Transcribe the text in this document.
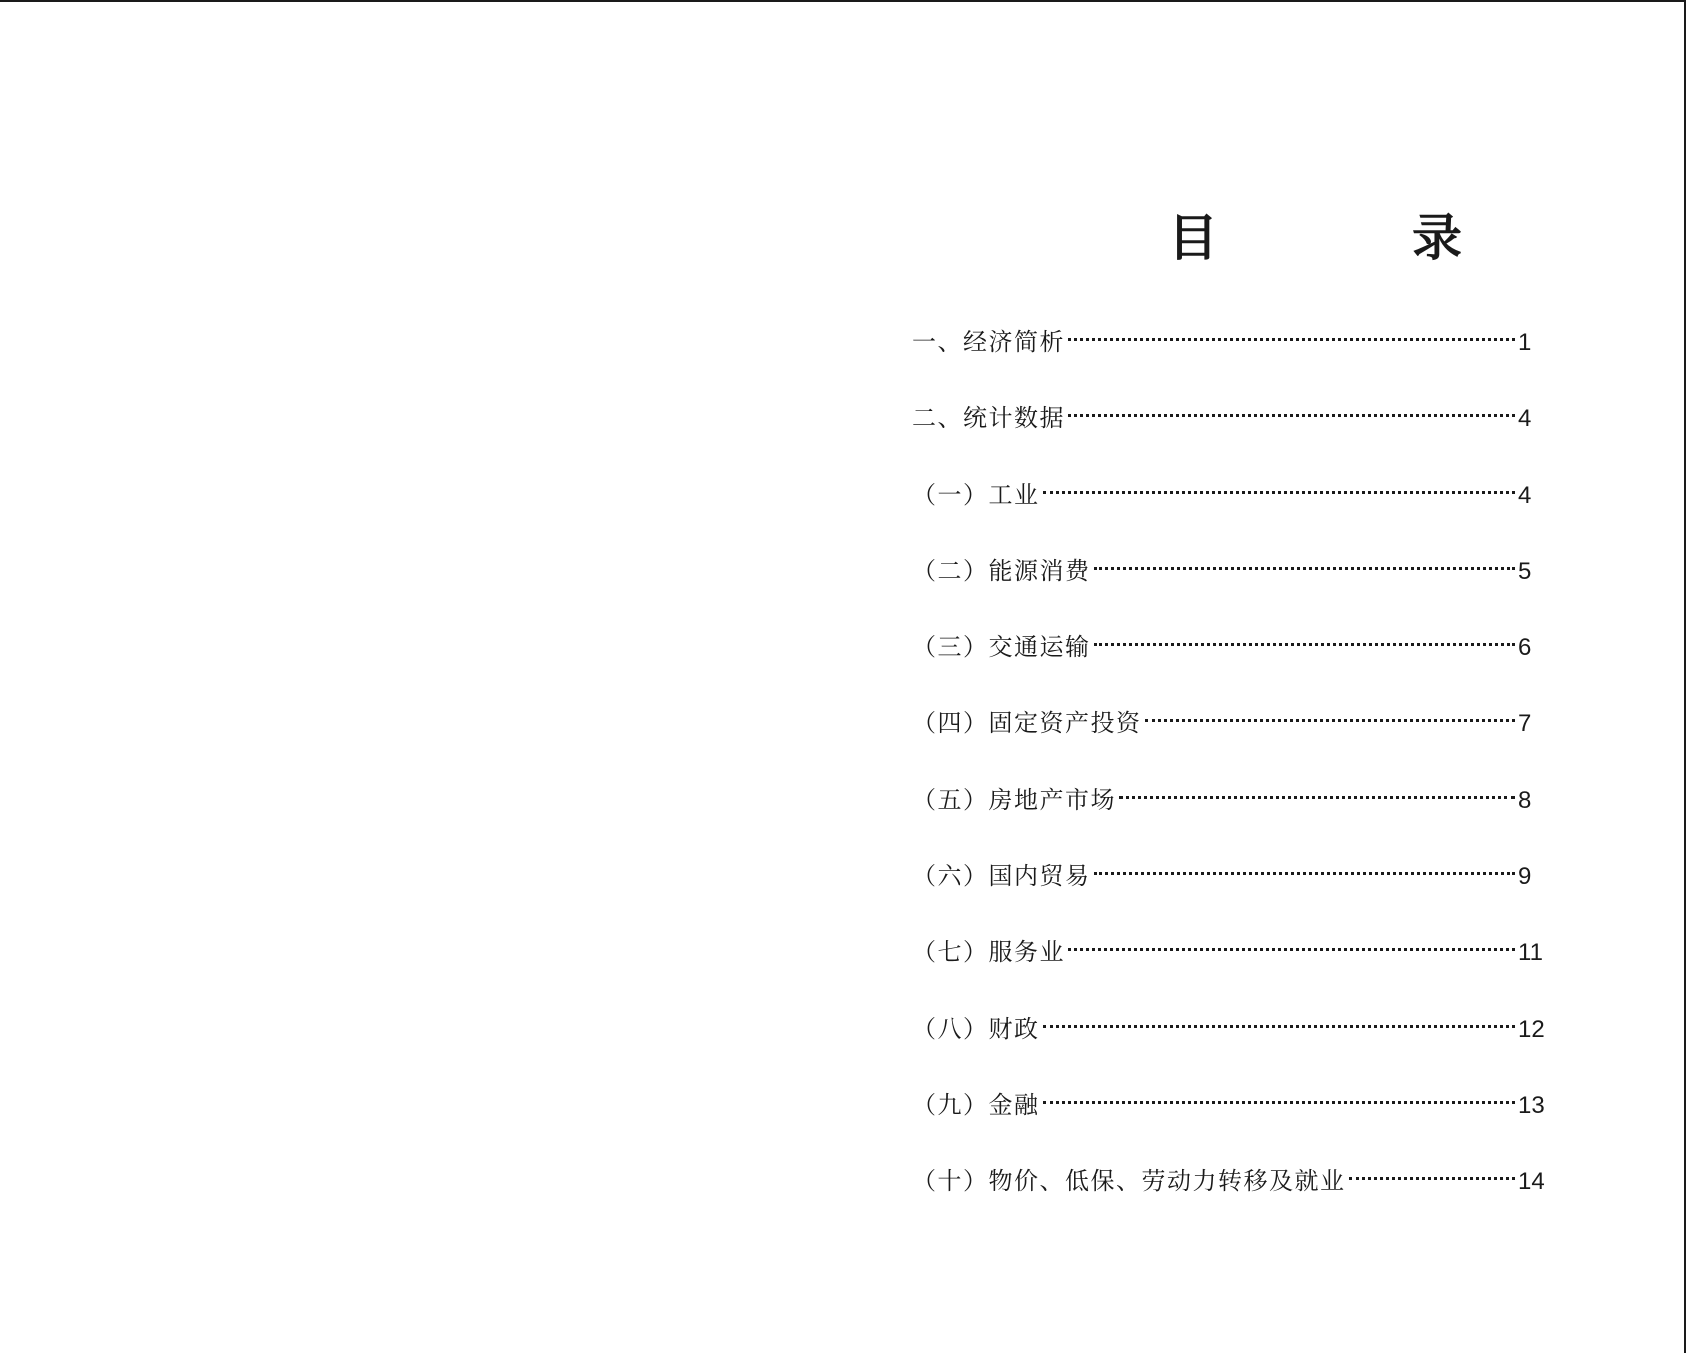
目　录
一、经济简析	1
二、统计数据	4
（一）工业	4
（二）能源消费	5
（三）交通运输	6
（四）固定资产投资	7
（五）房地产市场	8
（六）国内贸易	9
（七）服务业	11
（八）财政	12
（九）金融	13
（十）物价、低保、劳动力转移及就业	14
